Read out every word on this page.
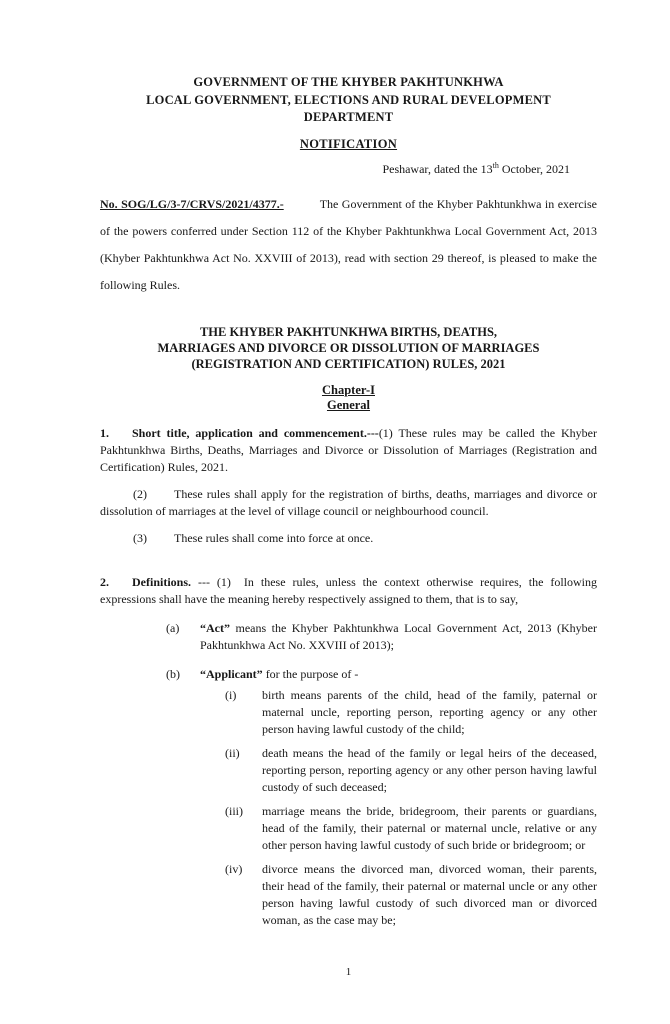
GOVERNMENT OF THE KHYBER PAKHTUNKHWA
LOCAL GOVERNMENT, ELECTIONS AND RURAL DEVELOPMENT
DEPARTMENT
NOTIFICATION
Peshawar, dated the 13th October, 2021

No. SOG/LG/3-7/CRVS/2021/4377.-	The Government of the Khyber Pakhtunkhwa in exercise of the powers conferred under Section 112 of the Khyber Pakhtunkhwa Local Government Act, 2013 (Khyber Pakhtunkhwa Act No. XXVIII of 2013), read with section 29 thereof, is pleased to make the following Rules.

THE KHYBER PAKHTUNKHWA BIRTHS, DEATHS,
MARRIAGES AND DIVORCE OR DISSOLUTION OF MARRIAGES
(REGISTRATION AND CERTIFICATION) RULES, 2021
Chapter-I
General

1. Short title, application and commencement.---(1) These rules may be called the Khyber Pakhtunkhwa Births, Deaths, Marriages and Divorce or Dissolution of Marriages (Registration and Certification) Rules, 2021.

(2) These rules shall apply for the registration of births, deaths, marriages and divorce or dissolution of marriages at the level of village council or neighbourhood council.

(3) These rules shall come into force at once.

2. Definitions. --- (1) In these rules, unless the context otherwise requires, the following expressions shall have the meaning hereby respectively assigned to them, that is to say,

(a)	“Act” means the Khyber Pakhtunkhwa Local Government Act, 2013 (Khyber Pakhtunkhwa Act No. XXVIII of 2013);
(b)	“Applicant” for the purpose of -
(i)	birth means parents of the child, head of the family, paternal or maternal uncle, reporting person, reporting agency or any other person having lawful custody of the child;
(ii)	death means the head of the family or legal heirs of the deceased, reporting person, reporting agency or any other person having lawful custody of such deceased;
(iii)	marriage means the bride, bridegroom, their parents or guardians, head of the family, their paternal or maternal uncle, relative or any other person having lawful custody of such bride or bridegroom; or
(iv)	divorce means the divorced man, divorced woman, their parents, their head of the family, their paternal or maternal uncle or any other person having lawful custody of such divorced man or divorced woman, as the case may be;
1
